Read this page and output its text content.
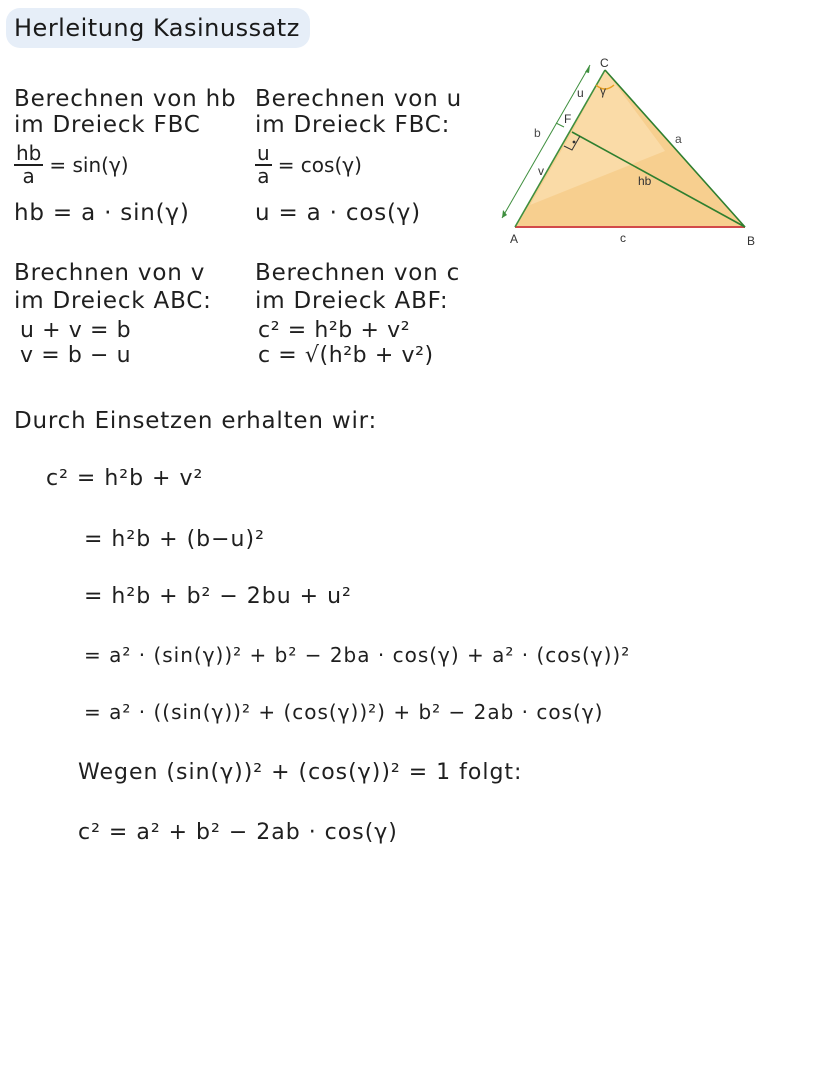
Herleitung Kasinussatz
Berechnen von hb
im Dreieck FBC
$\frac{hb}{a} = \sin(\gamma)$
hb = a · sin(γ)
Berechnen von u
im Dreieck FBC:
$\frac{u}{a} = \cos(\gamma)$
u = a · cos(γ)
Brechnen von v
im Dreieck ABC:
u + v = b
v = b − u
Berechnen von c
im Dreieck ABF:
c² = h²b + v²
c = √(h²b + v²)
Durch Einsetzen erhalten wir:
c² = h²b + v²
= h²b + (b−u)²
= h²b + b² − 2bu + u²
= a² · (sin(γ))² + b² − 2ba · cos(γ) + a² · (cos(γ))²
= a² · ((sin(γ))² + (cos(γ))²) + b² − 2ab · cos(γ)
Wegen (sin(γ))² + (cos(γ))² = 1 folgt:
c² = a² + b² − 2ab · cos(γ)
A	B
C
F
a
b
c
u
v
γ
hb
